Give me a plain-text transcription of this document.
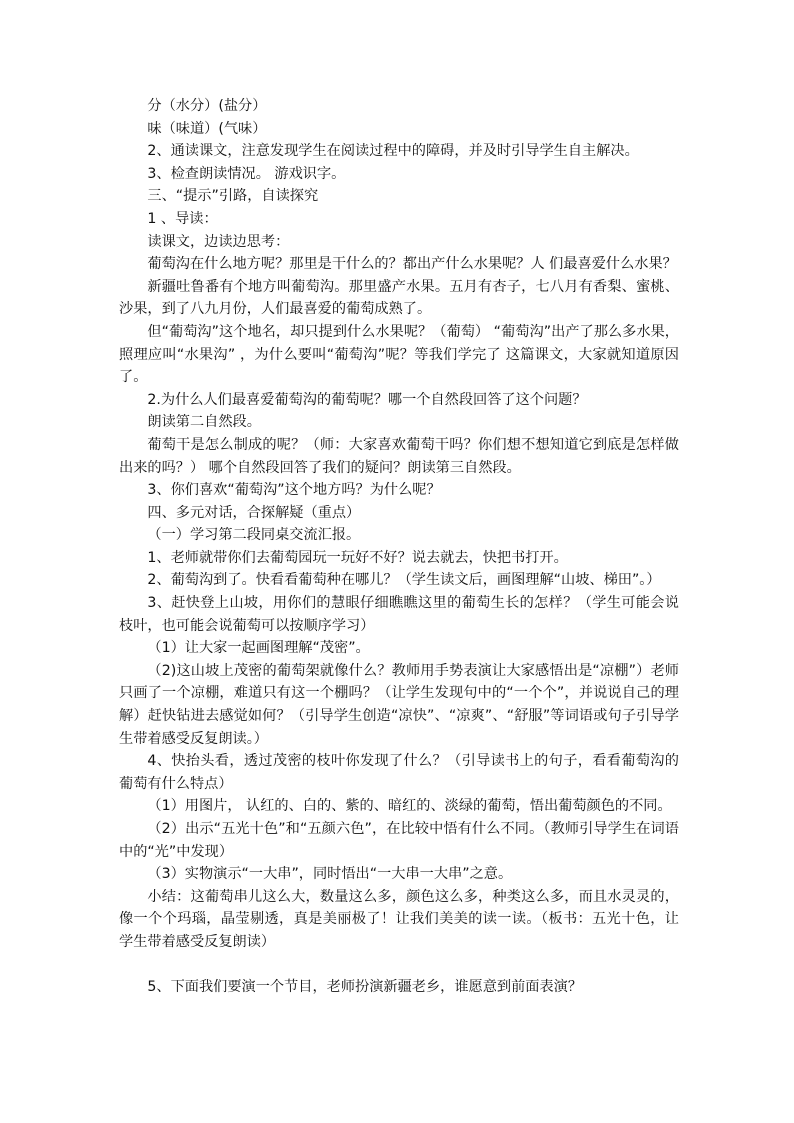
分（水分）(盐分）

味（味道）(气味）

2、通读课文，注意发现学生在阅读过程中的障碍，并及时引导学生自主解决。

3、检查朗读情况。 游戏识字。

三、“提示”引路，自读探究

1 、导读：

读课文，边读边思考：

葡萄沟在什么地方呢？那里是干什么的？都出产什么水果呢？人 们最喜爱什么水果？

新疆吐鲁番有个地方叫葡萄沟。那里盛产水果。五月有杏子，七八月有香梨、蜜桃、沙果，到了八九月份，人们最喜爱的葡萄成熟了。

但“葡萄沟”这个地名，却只提到什么水果呢？（葡萄） “葡萄沟”出产了那么多水果，照理应叫“水果沟” ，为什么要叫“葡萄沟”呢？等我们学完了 这篇课文，大家就知道原因了。

2.为什么人们最喜爱葡萄沟的葡萄呢？哪一个自然段回答了这个问题？

朗读第二自然段。

葡萄干是怎么制成的呢？（师：大家喜欢葡萄干吗？你们想不想知道它到底是怎样做出来的吗？） 哪个自然段回答了我们的疑问？朗读第三自然段。

3、你们喜欢“葡萄沟”这个地方吗？为什么呢？

四、多元对话，合探解疑（重点）

（一）学习第二段同桌交流汇报。

1、老师就带你们去葡萄园玩一玩好不好？说去就去，快把书打开。

2、葡萄沟到了。快看看葡萄种在哪儿？（学生读文后，画图理解“山坡、梯田”。）

3、赶快登上山坡，用你们的慧眼仔细瞧瞧这里的葡萄生长的怎样？（学生可能会说枝叶，也可能会说葡萄可以按顺序学习）

（1）让大家一起画图理解“茂密”。

（2)这山坡上茂密的葡萄架就像什么？教师用手势表演让大家感悟出是“凉棚”）老师只画了一个凉棚，难道只有这一个棚吗？（让学生发现句中的“一个个”，并说说自己的理解）赶快钻进去感觉如何？（引导学生创造“凉快”、“凉爽”、“舒服”等词语或句子引导学生带着感受反复朗读。）

4、快抬头看，透过茂密的枝叶你发现了什么？（引导读书上的句子，看看葡萄沟的葡萄有什么特点）

（1）用图片， 认红的、白的、紫的、暗红的、淡绿的葡萄，悟出葡萄颜色的不同。

（2）出示“五光十色”和“五颜六色”，在比较中悟有什么不同。（教师引导学生在词语中的“光”中发现）

（3）实物演示“一大串”，同时悟出“一大串一大串”之意。

小结：这葡萄串儿这么大，数量这么多，颜色这么多，种类这么多，而且水灵灵的，像一个个玛瑙，晶莹剔透，真是美丽极了！让我们美美的读一读。（板书：五光十色，让学生带着感受反复朗读）

5、下面我们要演一个节目，老师扮演新疆老乡，谁愿意到前面表演？
